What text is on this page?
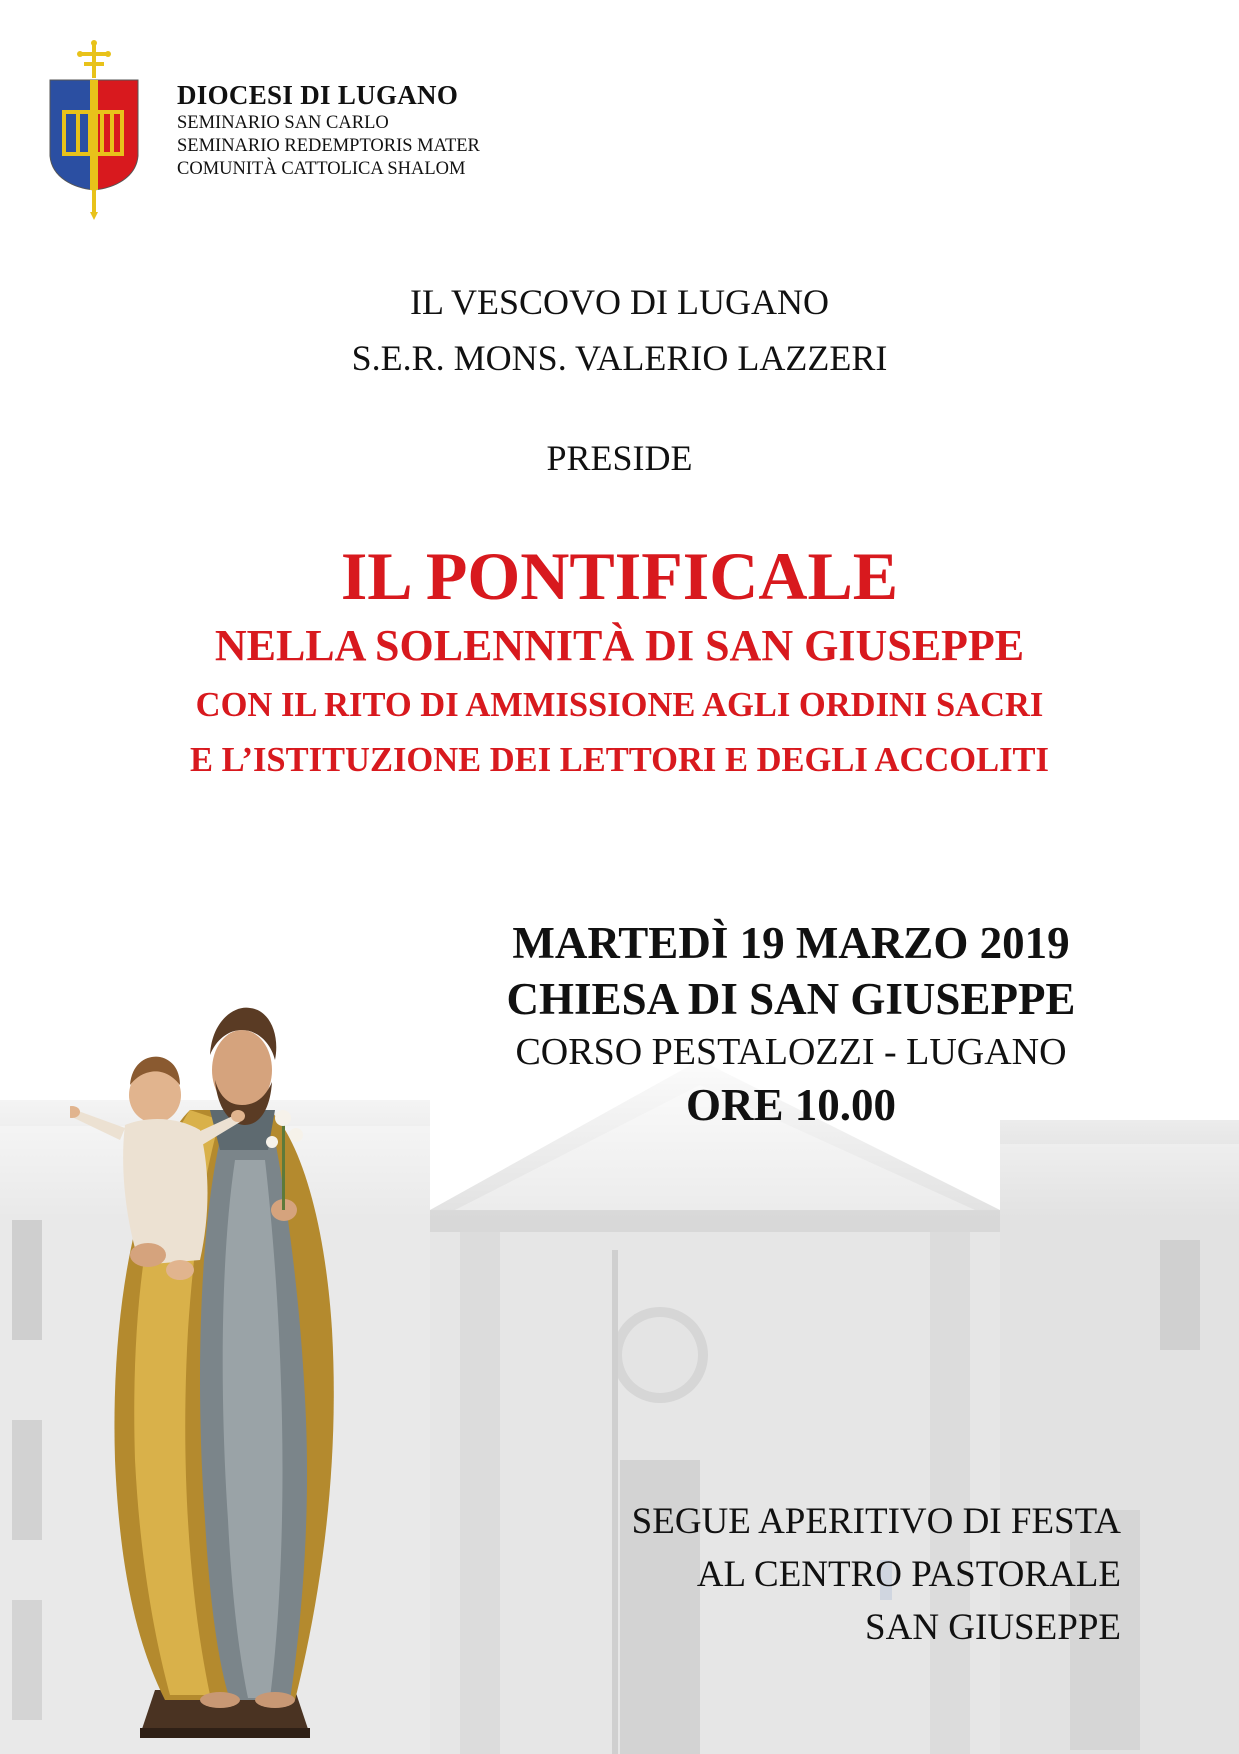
DIOCESI DI LUGANO
SEMINARIO SAN CARLO
SEMINARIO REDEMPTORIS MATER
COMUNITÀ CATTOLICA SHALOM
IL VESCOVO DI LUGANO
S.E.R. MONS. VALERIO LAZZERI
PRESIDE
IL PONTIFICALE
NELLA SOLENNITÀ DI SAN GIUSEPPE
CON IL RITO DI AMMISSIONE AGLI ORDINI SACRI
E L’ISTITUZIONE DEI LETTORI E DEGLI ACCOLITI
MARTEDÌ 19 MARZO 2019
CHIESA DI SAN GIUSEPPE
CORSO PESTALOZZI - LUGANO
ORE 10.00
SEGUE APERITIVO DI FESTA
AL CENTRO PASTORALE
SAN GIUSEPPE
